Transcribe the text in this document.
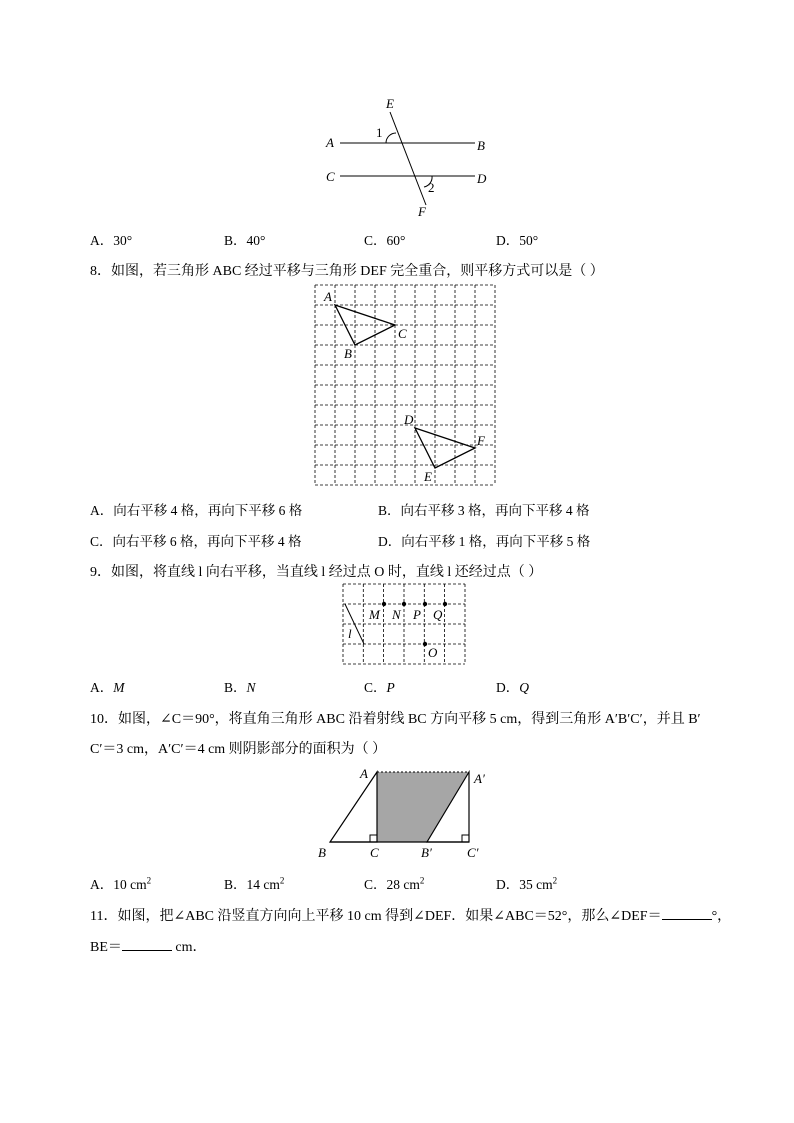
E
A	B
C	D
F
1
2
A．30°	B．40°	C．60°	D．50°
8．如图，若三角形 ABC 经过平移与三角形 DEF 完全重合，则平移方式可以是（ ）
A
B
C
D
E
F
A．向右平移 4 格，再向下平移 6 格	B．向右平移 3 格，再向下平移 4 格
C．向右平移 6 格，再向下平移 4 格	D．向右平移 1 格，再向下平移 5 格
9．如图，将直线 l 向右平移，当直线 l 经过点 O 时，直线 l 还经过点（ ）
M N P Q
O
l
A．M	B．N	C．P	D．Q
10．如图，∠C＝90°，将直角三角形 ABC 沿着射线 BC 方向平移 5 cm，得到三角形 A′B′C′，并且 B′
C′＝3 cm，A′C′＝4 cm 则阴影部分的面积为（ ）
A	A′
B	C	B′	C′
A．10 $cm^2$	B．14 $cm^2$	C．28 $cm^2$	D．35 $cm^2$
11．如图，把∠ABC 沿竖直方向向上平移 10 cm 得到∠DEF．如果∠ABC＝52°，那么∠DEF＝	°，
BE＝	cm．
